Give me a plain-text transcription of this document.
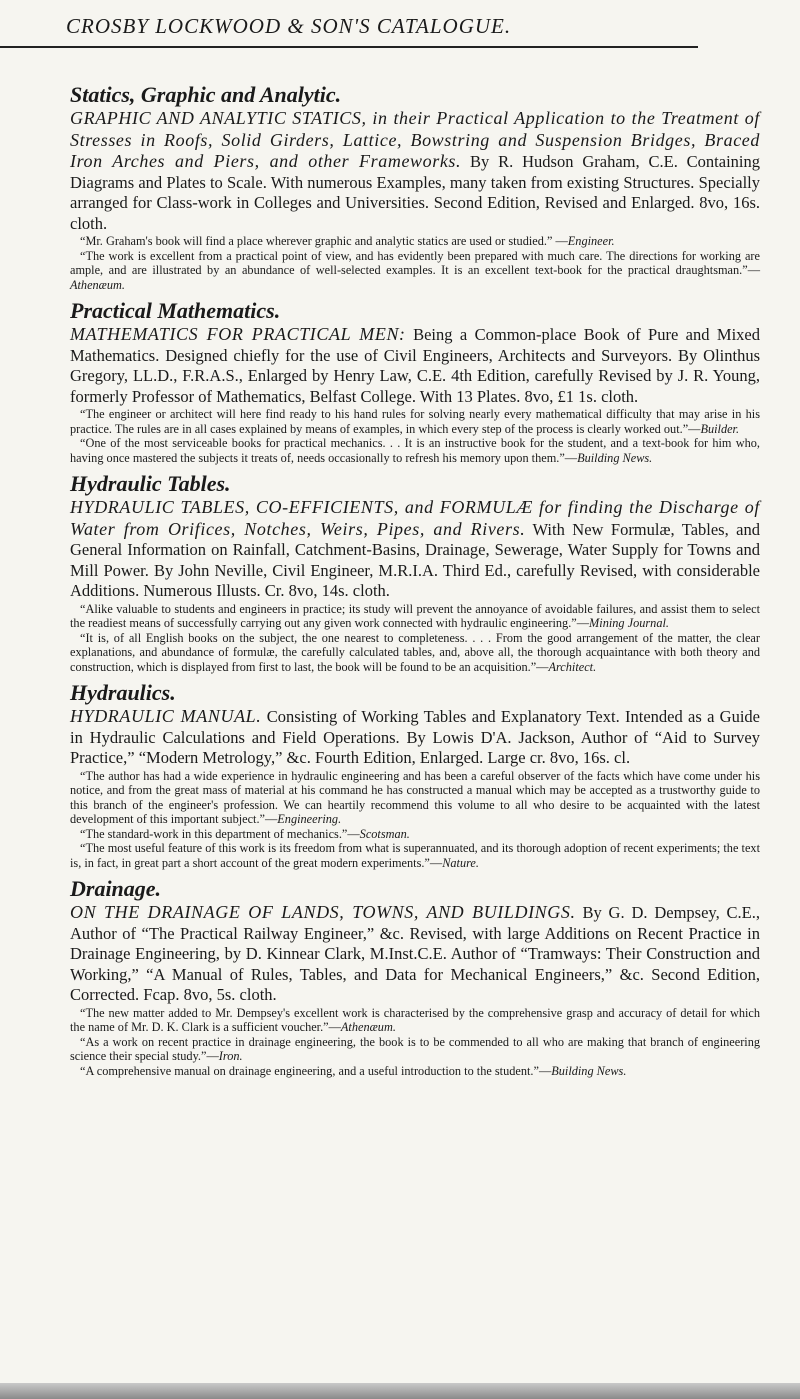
CROSBY LOCKWOOD & SON'S CATALOGUE.

Statics, Graphic and Analytic.

GRAPHIC AND ANALYTIC STATICS, in their Practical Application to the Treatment of Stresses in Roofs, Solid Girders, Lattice, Bowstring and Suspension Bridges, Braced Iron Arches and Piers, and other Frameworks. By R. Hudson Graham, C.E. Containing Diagrams and Plates to Scale. With numerous Examples, many taken from existing Structures. Specially arranged for Class-work in Colleges and Universities. Second Edition, Revised and Enlarged. 8vo, 16s. cloth.

“Mr. Graham's book will find a place wherever graphic and analytic statics are used or studied.” —Engineer.

“The work is excellent from a practical point of view, and has evidently been prepared with much care. The directions for working are ample, and are illustrated by an abundance of well-selected examples. It is an excellent text-book for the practical draughtsman.”—Athenæum.

Practical Mathematics.

MATHEMATICS FOR PRACTICAL MEN: Being a Common-place Book of Pure and Mixed Mathematics. Designed chiefly for the use of Civil Engineers, Architects and Surveyors. By Olinthus Gregory, LL.D., F.R.A.S., Enlarged by Henry Law, C.E. 4th Edition, carefully Revised by J. R. Young, formerly Professor of Mathematics, Belfast College. With 13 Plates. 8vo, £1 1s. cloth.

“The engineer or architect will here find ready to his hand rules for solving nearly every mathematical difficulty that may arise in his practice. The rules are in all cases explained by means of examples, in which every step of the process is clearly worked out.”—Builder.

“One of the most serviceable books for practical mechanics. . . It is an instructive book for the student, and a text-book for him who, having once mastered the subjects it treats of, needs occasionally to refresh his memory upon them.”—Building News.

Hydraulic Tables.

HYDRAULIC TABLES, CO-EFFICIENTS, and FORMULÆ for finding the Discharge of Water from Orifices, Notches, Weirs, Pipes, and Rivers. With New Formulæ, Tables, and General Information on Rainfall, Catchment-Basins, Drainage, Sewerage, Water Supply for Towns and Mill Power. By John Neville, Civil Engineer, M.R.I.A. Third Ed., carefully Revised, with considerable Additions. Numerous Illusts. Cr. 8vo, 14s. cloth.

“Alike valuable to students and engineers in practice; its study will prevent the annoyance of avoidable failures, and assist them to select the readiest means of successfully carrying out any given work connected with hydraulic engineering.”—Mining Journal.

“It is, of all English books on the subject, the one nearest to completeness. . . . From the good arrangement of the matter, the clear explanations, and abundance of formulæ, the carefully calculated tables, and, above all, the thorough acquaintance with both theory and construction, which is displayed from first to last, the book will be found to be an acquisition.”—Architect.

Hydraulics.

HYDRAULIC MANUAL. Consisting of Working Tables and Explanatory Text. Intended as a Guide in Hydraulic Calculations and Field Operations. By Lowis D'A. Jackson, Author of “Aid to Survey Practice,” “Modern Metrology,” &c. Fourth Edition, Enlarged. Large cr. 8vo, 16s. cl.

“The author has had a wide experience in hydraulic engineering and has been a careful observer of the facts which have come under his notice, and from the great mass of material at his command he has constructed a manual which may be accepted as a trustworthy guide to this branch of the engineer's profession. We can heartily recommend this volume to all who desire to be acquainted with the latest development of this important subject.”—Engineering.

“The standard-work in this department of mechanics.”—Scotsman.

“The most useful feature of this work is its freedom from what is superannuated, and its thorough adoption of recent experiments; the text is, in fact, in great part a short account of the great modern experiments.”—Nature.

Drainage.

ON THE DRAINAGE OF LANDS, TOWNS, AND BUILDINGS. By G. D. Dempsey, C.E., Author of “The Practical Railway Engineer,” &c. Revised, with large Additions on Recent Practice in Drainage Engineering, by D. Kinnear Clark, M.Inst.C.E. Author of “Tramways: Their Construction and Working,” “A Manual of Rules, Tables, and Data for Mechanical Engineers,” &c. Second Edition, Corrected. Fcap. 8vo, 5s. cloth.

“The new matter added to Mr. Dempsey's excellent work is characterised by the comprehensive grasp and accuracy of detail for which the name of Mr. D. K. Clark is a sufficient voucher.”—Athenæum.

“As a work on recent practice in drainage engineering, the book is to be commended to all who are making that branch of engineering science their special study.”—Iron.

“A comprehensive manual on drainage engineering, and a useful introduction to the student.”—Building News.
